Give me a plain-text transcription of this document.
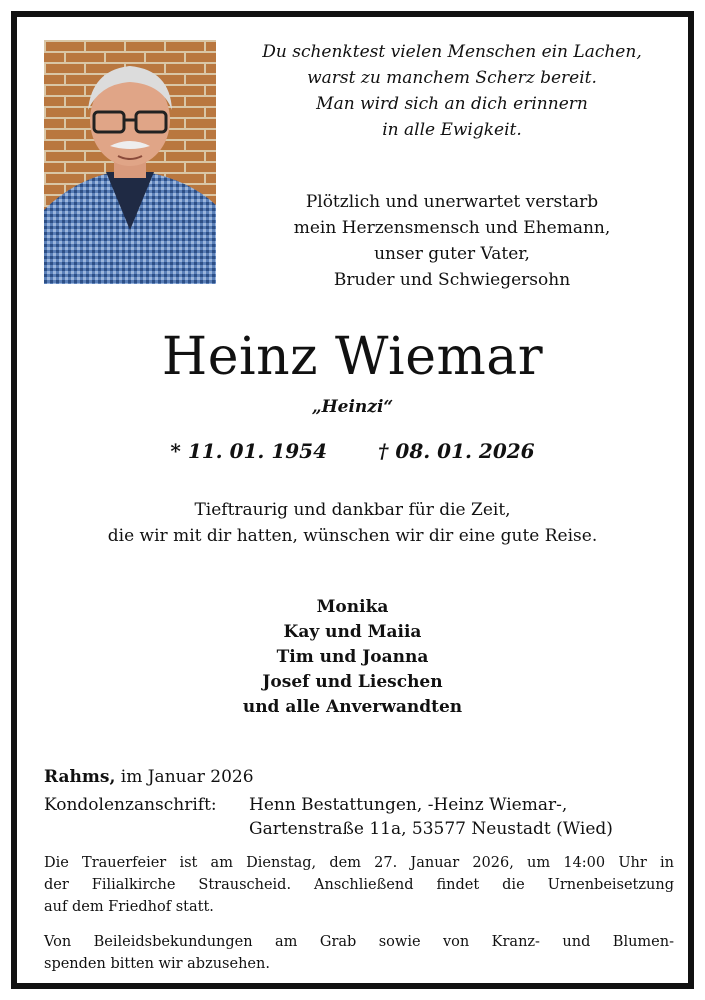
Du schenktest vielen Menschen ein Lachen,
warst zu manchem Scherz bereit.
Man wird sich an dich erinnern
in alle Ewigkeit.
Plötzlich und unerwartet verstarb
mein Herzensmensch und Ehemann,
unser guter Vater,
Bruder und Schwiegersohn
Heinz Wiemar
„Heinzi“
* 11. 01. 1954	† 08. 01. 2026
Tieftraurig und dankbar für die Zeit,
die wir mit dir hatten, wünschen wir dir eine gute Reise.
Monika
Kay und Maiia
Tim und Joanna
Josef und Lieschen
und alle Anverwandten
Rahms, im Januar 2026
Kondolenzanschrift: Henn Bestattungen, -Heinz Wiemar-,
Gartenstraße 11a, 53577 Neustadt (Wied)
Die Trauerfeier ist am Dienstag, dem 27. Januar 2026, um 14:00 Uhr in
der Filialkirche Strauscheid. Anschließend findet die Urnenbeisetzung
auf dem Friedhof statt.
Von Beileidsbekundungen am Grab sowie von Kranz- und Blumen-
spenden bitten wir abzusehen.
